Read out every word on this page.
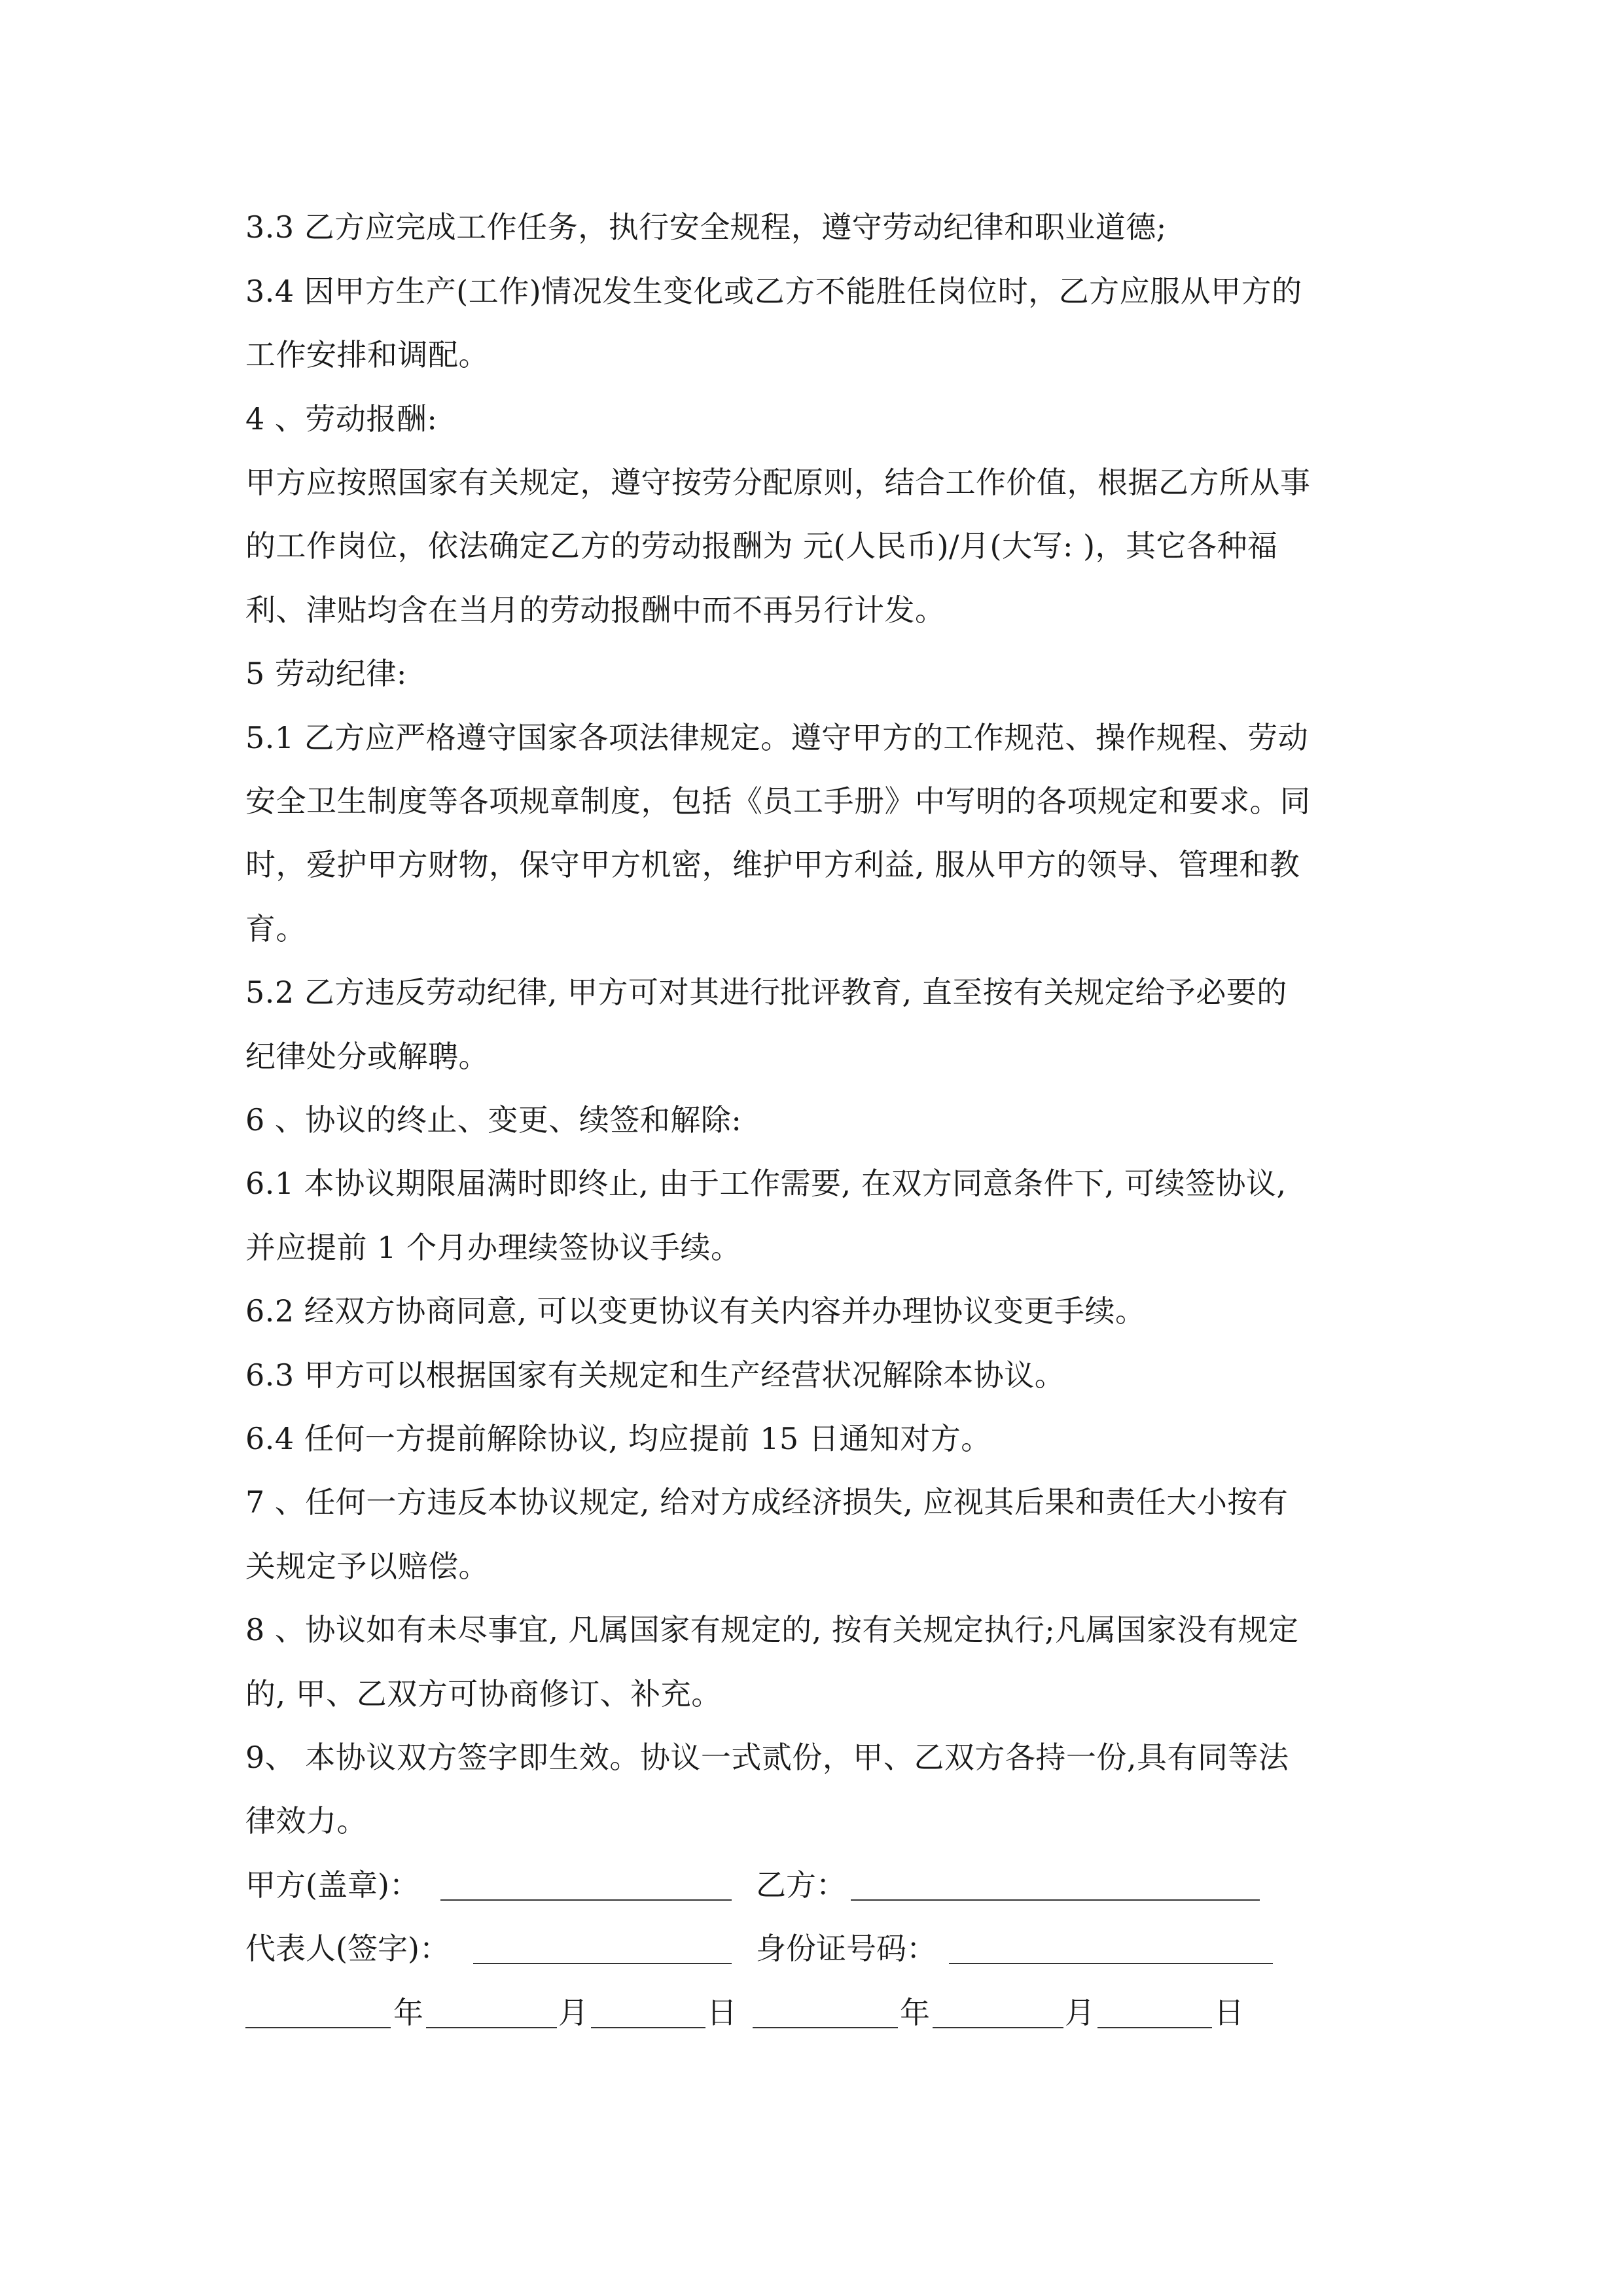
3.3 乙方应完成工作任务，执行安全规程，遵守劳动纪律和职业道德;
3.4 因甲方生产(工作)情况发生变化或乙方不能胜任岗位时，乙方应服从甲方的
工作安排和调配。
4 、劳动报酬:
甲方应按照国家有关规定，遵守按劳分配原则，结合工作价值，根据乙方所从事
的工作岗位，依法确定乙方的劳动报酬为 元(人民币)/月(大写: )，其它各种福
利、津贴均含在当月的劳动报酬中而不再另行计发。
5 劳动纪律:
5.1 乙方应严格遵守国家各项法律规定。遵守甲方的工作规范、操作规程、劳动
安全卫生制度等各项规章制度，包括《员工手册》中写明的各项规定和要求。同
时，爱护甲方财物，保守甲方机密，维护甲方利益, 服从甲方的领导、管理和教
育。
5.2 乙方违反劳动纪律, 甲方可对其进行批评教育, 直至按有关规定给予必要的
纪律处分或解聘。
6 、协议的终止、变更、续签和解除:
6.1 本协议期限届满时即终止, 由于工作需要, 在双方同意条件下, 可续签协议,
并应提前 1 个月办理续签协议手续。
6.2 经双方协商同意, 可以变更协议有关内容并办理协议变更手续。
6.3 甲方可以根据国家有关规定和生产经营状况解除本协议。
6.4 任何一方提前解除协议, 均应提前 15 日通知对方。
7 、任何一方违反本协议规定, 给对方成经济损失, 应视其后果和责任大小按有
关规定予以赔偿。
8 、协议如有未尽事宜, 凡属国家有规定的, 按有关规定执行;凡属国家没有规定
的, 甲、乙双方可协商修订、补充。
9、 本协议双方签字即生效。协议一式贰份，甲、乙双方各持一份,具有同等法
律效力。
甲方(盖章)：	乙方：
代表人(签字)：	身份证号码：
年	月	日	年	月	日
